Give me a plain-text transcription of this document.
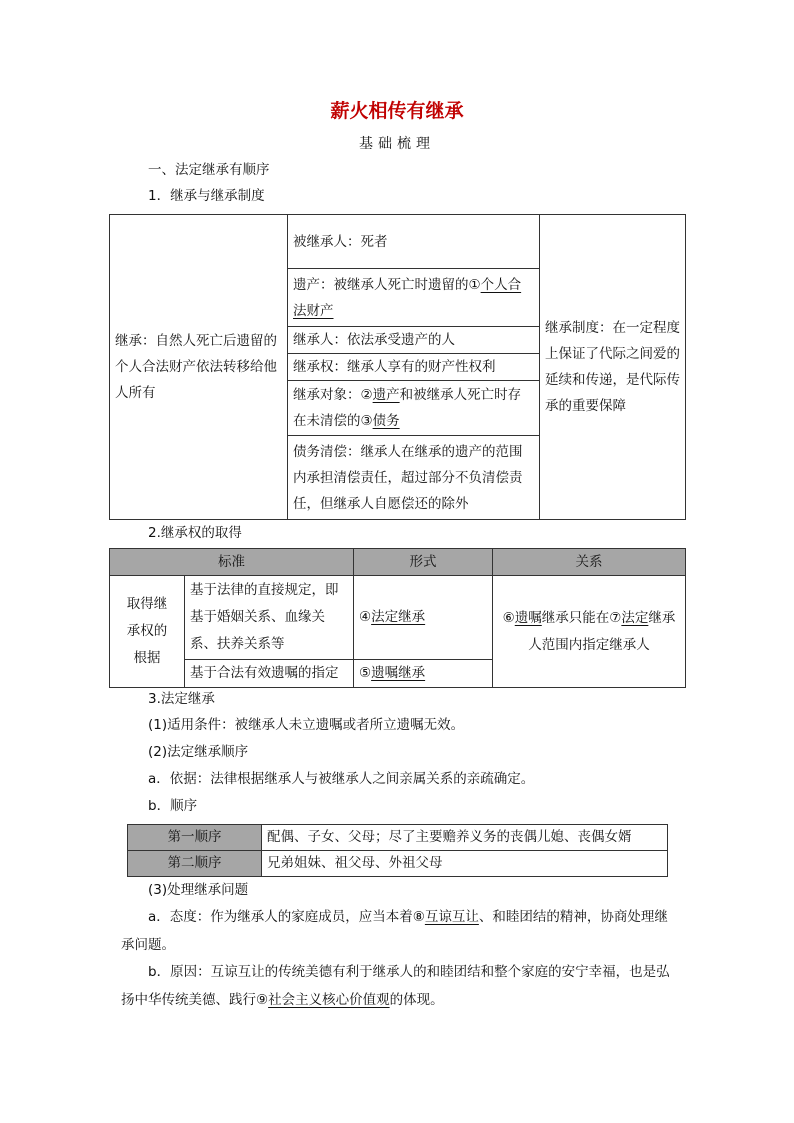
薪火相传有继承
基础梳理
一、法定继承有顺序
1．继承与继承制度
继承：自然人死亡后遗留的个人合法财产依法转移给他人所有	被继承人：死者	继承制度：在一定程度上保证了代际之间爱的延续和传递，是代际传承的重要保障
遗产：被继承人死亡时遗留的①个人合法财产
继承人：依法承受遗产的人
继承权：继承人享有的财产性权利
继承对象：②遗产和被继承人死亡时存在未清偿的③债务
债务清偿：继承人在继承的遗产的范围内承担清偿责任，超过部分不负清偿责任，但继承人自愿偿还的除外
2.继承权的取得
标准		形式	关系
取得继承权的根据	基于法律的直接规定，即基于婚姻关系、血缘关系、扶养关系等	④法定继承	⑥遗嘱继承只能在⑦法定继承人范围内指定继承人
	基于合法有效遗嘱的指定	⑤遗嘱继承	
3.法定继承
(1)适用条件：被继承人未立遗嘱或者所立遗嘱无效。
(2)法定继承顺序
a．依据：法律根据继承人与被继承人之间亲属关系的亲疏确定。
b．顺序
第一顺序	配偶、子女、父母；尽了主要赡养义务的丧偶儿媳、丧偶女婿
第二顺序	兄弟姐妹、祖父母、外祖父母
(3)处理继承问题
a．态度：作为继承人的家庭成员，应当本着⑧互谅互让、和睦团结的精神，协商处理继承问题。
b．原因：互谅互让的传统美德有利于继承人的和睦团结和整个家庭的安宁幸福，也是弘扬中华传统美德、践行⑨社会主义核心价值观的体现。
